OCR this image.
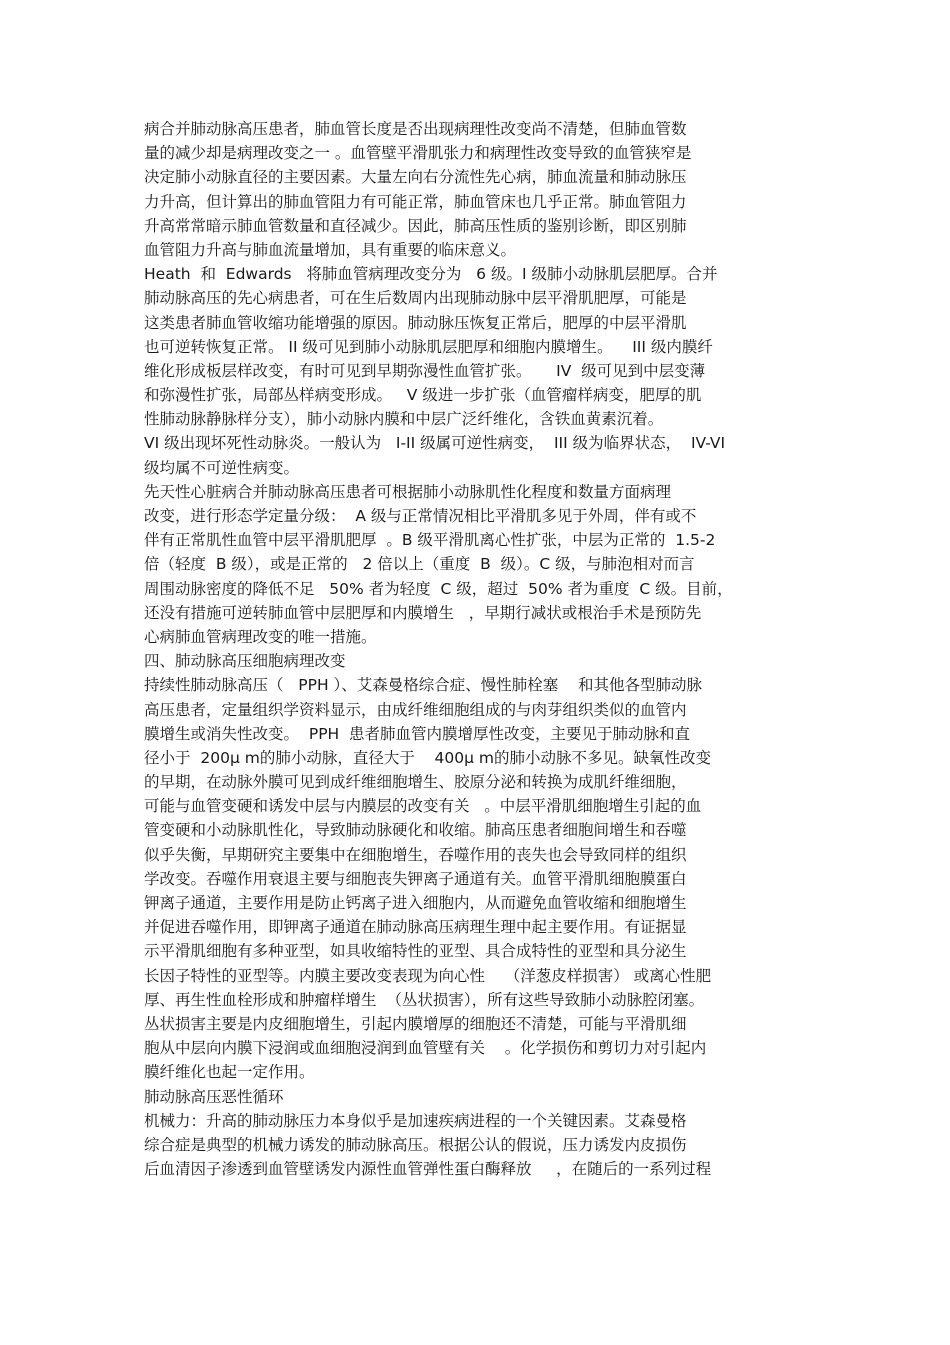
病合并肺动脉高压患者，肺血管长度是否出现病理性改变尚不清楚，但肺血管数
量的减少却是病理改变之一 。血管壁平滑肌张力和病理性改变导致的血管狭窄是
决定肺小动脉直径的主要因素。大量左向右分流性先心病，肺血流量和肺动脉压
力升高，但计算出的肺血管阻力有可能正常，肺血管床也几乎正常。肺血管阻力
升高常常暗示肺血管数量和直径减少。因此，肺高压性质的鉴别诊断，即区别肺
血管阻力升高与肺血流量增加，具有重要的临床意义。
Heath  和  Edwards   将肺血管病理改变分为   6 级。I 级肺小动脉肌层肥厚。合并
肺动脉高压的先心病患者，可在生后数周内出现肺动脉中层平滑肌肥厚，可能是
这类患者肺血管收缩功能增强的原因。肺动脉压恢复正常后，肥厚的中层平滑肌
也可逆转恢复正常。 II 级可见到肺小动脉肌层肥厚和细胞内膜增生。    III 级内膜纤
维化形成板层样改变，有时可见到早期弥漫性血管扩张。     IV  级可见到中层变薄
和弥漫性扩张，局部丛样病变形成。   V 级进一步扩张（血管瘤样病变，肥厚的肌
性肺动脉静脉样分支），肺小动脉内膜和中层广泛纤维化，含铁血黄素沉着。
VI 级出现坏死性动脉炎。一般认为   I-II 级属可逆性病变，  III 级为临界状态，  IV-VI
级均属不可逆性病变。
先天性心脏病合并肺动脉高压患者可根据肺小动脉肌性化程度和数量方面病理
改变，进行形态学定量分级：  A 级与正常情况相比平滑肌多见于外周，伴有或不
伴有正常肌性血管中层平滑肌肥厚  。B 级平滑肌离心性扩张，中层为正常的  1.5-2
倍（轻度  B 级），或是正常的   2 倍以上（重度  B  级）。C 级，与肺泡相对而言
周围动脉密度的降低不足   50% 者为轻度  C 级，超过  50% 者为重度  C 级。目前，
还没有措施可逆转肺血管中层肥厚和内膜增生   ，早期行减状或根治手术是预防先
心病肺血管病理改变的唯一措施。
四、肺动脉高压细胞病理改变
持续性肺动脉高压（   PPH ）、艾森曼格综合症、慢性肺栓塞    和其他各型肺动脉
高压患者，定量组织学资料显示，由成纤维细胞组成的与肉芽组织类似的血管内
膜增生或消失性改变。  PPH  患者肺血管内膜增厚性改变，主要见于肺动脉和直
径小于  200μ m的肺小动脉，直径大于    400μ m的肺小动脉不多见。缺氧性改变
的早期，在动脉外膜可见到成纤维细胞增生、胶原分泌和转换为成肌纤维细胞，
可能与血管变硬和诱发中层与内膜层的改变有关   。中层平滑肌细胞增生引起的血
管变硬和小动脉肌性化，导致肺动脉硬化和收缩。肺高压患者细胞间增生和吞噬
似乎失衡，早期研究主要集中在细胞增生，吞噬作用的丧失也会导致同样的组织
学改变。吞噬作用衰退主要与细胞丧失钾离子通道有关。血管平滑肌细胞膜蛋白
钾离子通道，主要作用是防止钙离子进入细胞内，从而避免血管收缩和细胞增生
并促进吞噬作用，即钾离子通道在肺动脉高压病理生理中起主要作用。有证据显
示平滑肌细胞有多种亚型，如具收缩特性的亚型、具合成特性的亚型和具分泌生
长因子特性的亚型等。内膜主要改变表现为向心性    （洋葱皮样损害） 或离心性肥
厚、再生性血栓形成和肿瘤样增生  （丛状损害），所有这些导致肺小动脉腔闭塞。
丛状损害主要是内皮细胞增生，引起内膜增厚的细胞还不清楚，可能与平滑肌细
胞从中层向内膜下浸润或血细胞浸润到血管壁有关    。化学损伤和剪切力对引起内
膜纤维化也起一定作用。
肺动脉高压恶性循环
机械力：升高的肺动脉压力本身似乎是加速疾病进程的一个关键因素。艾森曼格
综合症是典型的机械力诱发的肺动脉高压。根据公认的假说，压力诱发内皮损伤
后血清因子渗透到血管壁诱发内源性血管弹性蛋白酶释放     ，在随后的一系列过程
